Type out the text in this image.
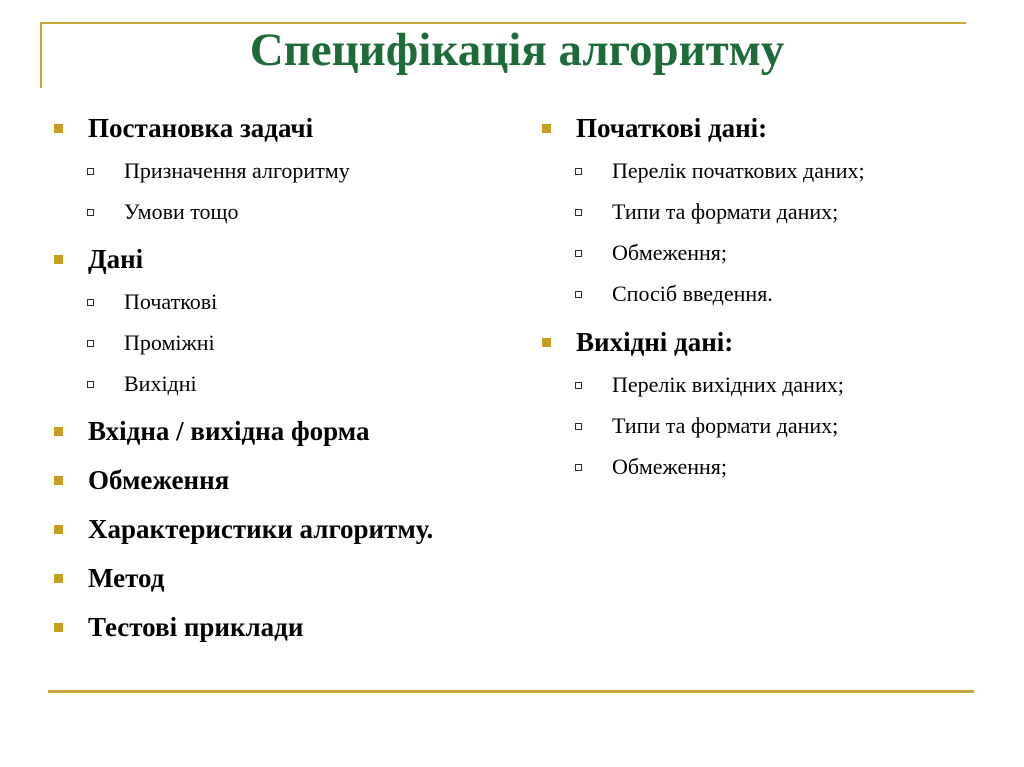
Специфікація алгоритму
Постановка задачі
Призначення алгоритму
Умови тощо
Дані
Початкові
Проміжні
Вихідні
Вхідна / вихідна форма
Обмеження
Характеристики алгоритму.
Метод
Тестові приклади
Початкові дані:
Перелік початкових даних;
Типи та формати даних;
Обмеження;
Спосіб введення.
Вихідні дані:
Перелік вихідних даних;
Типи та формати даних;
Обмеження;
